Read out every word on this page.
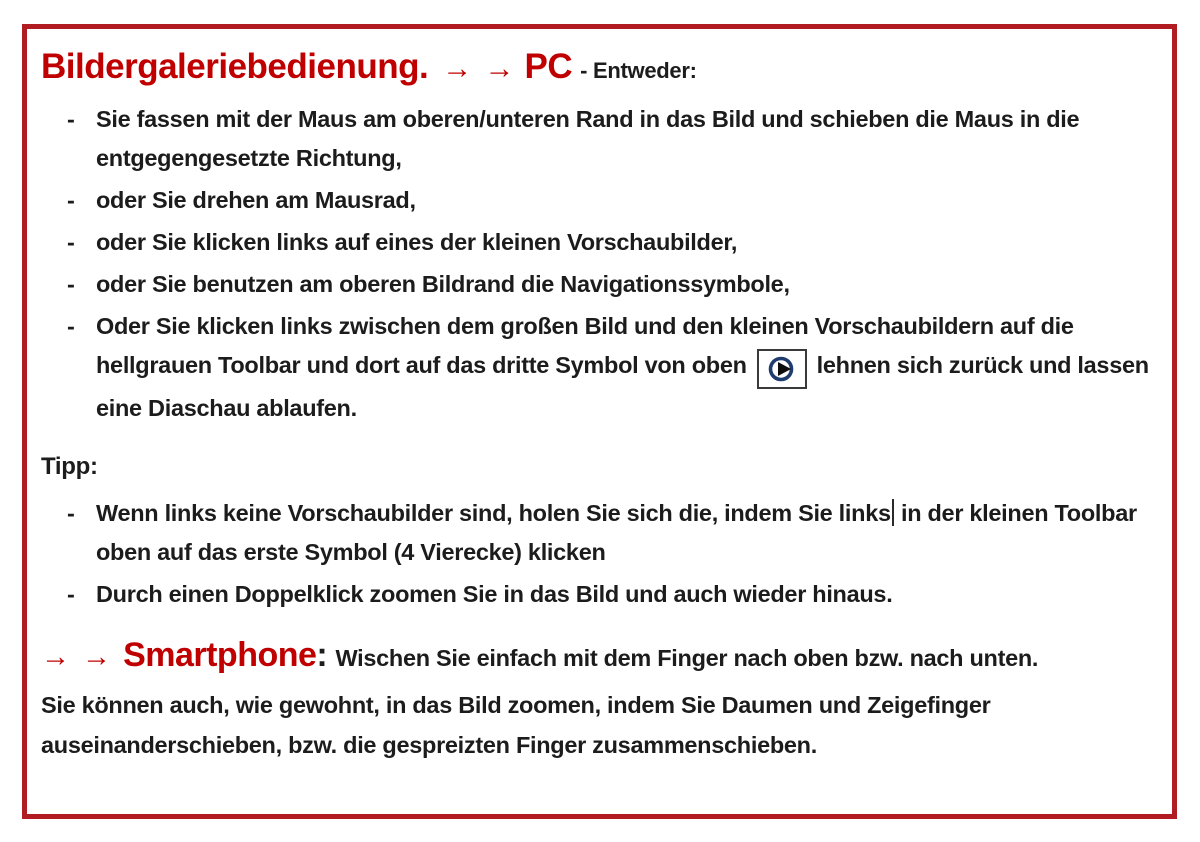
Bildergaleriebedienung. → → PC - Entweder:
- Sie fassen mit der Maus am oberen/unteren Rand in das Bild und schieben die Maus in die entgegengesetzte Richtung,
- oder Sie drehen am Mausrad,
- oder Sie klicken links auf eines der kleinen Vorschaubilder,
- oder Sie benutzen am oberen Bildrand die Navigationssymbole,
- Oder Sie klicken links zwischen dem großen Bild und den kleinen Vorschaubildern auf die hellgrauen Toolbar und dort auf das dritte Symbol von oben	lehnen sich zurück und lassen eine Diaschau ablaufen.
Tipp:
- Wenn links keine Vorschaubilder sind, holen Sie sich die, indem Sie links in der kleinen Toolbar oben auf das erste Symbol (4 Vierecke) klicken
- Durch einen Doppelklick zoomen Sie in das Bild und auch wieder hinaus.
→ → Smartphone: Wischen Sie einfach mit dem Finger nach oben bzw. nach unten.
Sie können auch, wie gewohnt, in das Bild zoomen, indem Sie Daumen und Zeigefinger auseinanderschieben, bzw. die gespreizten Finger zusammenschieben.
